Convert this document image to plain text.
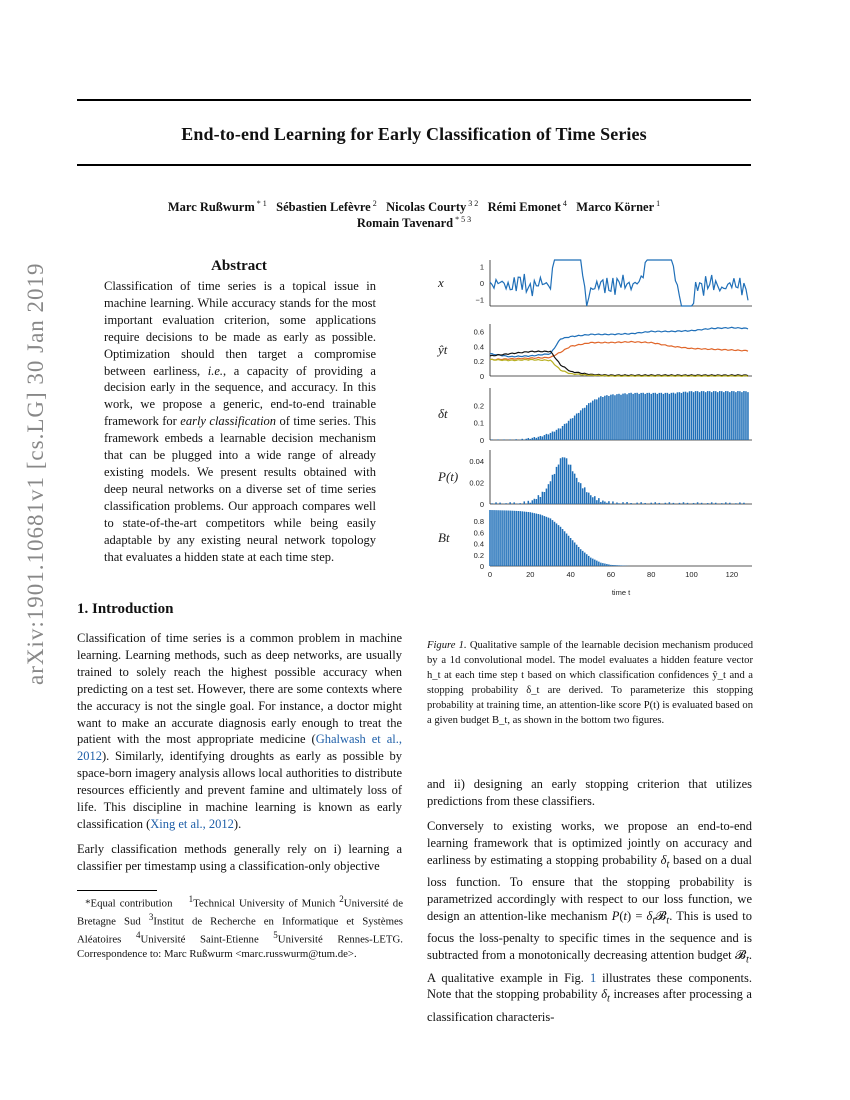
End-to-end Learning for Early Classification of Time Series
Marc Rußwurm $^{* 1}$ Sébastien Lefèvre $^2$ Nicolas Courty $^{3 2}$ Rémi Emonet $^4$ Marco Körner $^1$
Romain Tavenard $^{* 5 3}$
arXiv:1901.10681v1 [cs.LG] 30 Jan 2019	Abstract
Classification of time series is a topical issue in machine learning. While accuracy stands for the most important evaluation criterion, some applications require decisions to be made as early as possible. Optimization should then target a compromise between earliness, i.e., a capacity of providing a decision early in the sequence, and accuracy. In this work, we propose a generic, end-to-end trainable framework for early classification of time series. This framework embeds a learnable decision mechanism that can be plugged into a wide range of already existing models. We present results obtained with deep neural networks on a diverse set of time series classification problems. Our approach compares well to state-of-the-art competitors while being easily adaptable by any existing neural network topology that evaluates a hidden state at each time step.
1. Introduction

Classification of time series is a common problem in machine learning. Learning methods, such as deep networks, are usually trained to solely reach the highest possible accuracy when predicting on a test set. However, there are some contexts where the accuracy is not the single goal. For instance, a doctor might want to make an accurate diagnosis early enough to treat the patient with the most appropriate medicine (Ghalwash et al., 2012). Similarly, identifying droughts as early as possible by space-born imagery analysis allows local authorities to distribute resources efficiently and prevent famine and ultimately loss of life. This discipline in machine learning is known as early classification (Xing et al., 2012).

Early classification methods generally rely on i) learning a classifier per timestamp using a classification-only objective

*Equal contribution $^1$Technical University of Munich $^2$Université de Bretagne Sud $^3$Institut de Recherche en Informatique et Systèmes Aléatoires $^4$Université Saint-Etienne $^5$Université Rennes-LETG. Correspondence to: Marc Rußwurm <marc.russwurm@tum.de>.
1
0
−1
x
0.6
0.4
0.2
0
ŷt
0.2
0.1
0
δt
0.04
0.02
0
P(t)
0.8
0.6
0.4
0.2
0
Bt
0	20	40	60	80	100	120
time t
Figure 1. Qualitative sample of the learnable decision mechanism produced by a 1d convolutional model. The model evaluates a hidden feature vector h_t at each time step t based on which classification confidences ŷ_t and a stopping probability δ_t are derived. To parameterize this stopping probability at training time, an attention-like score P(t) is evaluated based on a given budget B_t, as shown in the bottom two figures.

and ii) designing an early stopping criterion that utilizes predictions from these classifiers.

Conversely to existing works, we propose an end-to-end learning framework that is optimized jointly on accuracy and earliness by estimating a stopping probability $\delta_t$ based on a dual loss function. To ensure that the stopping probability is parametrized accordingly with respect to our loss function, we design an attention-like mechanism $P(t) = \delta_t𝓑_t$. This is used to focus the loss-penalty to specific times in the sequence and is subtracted from a monotonically decreasing attention budget 𝓑$_t$. A qualitative example in Fig. 1 illustrates these components. Note that the stopping probability $\delta_t$ increases after processing a classification characteris-
